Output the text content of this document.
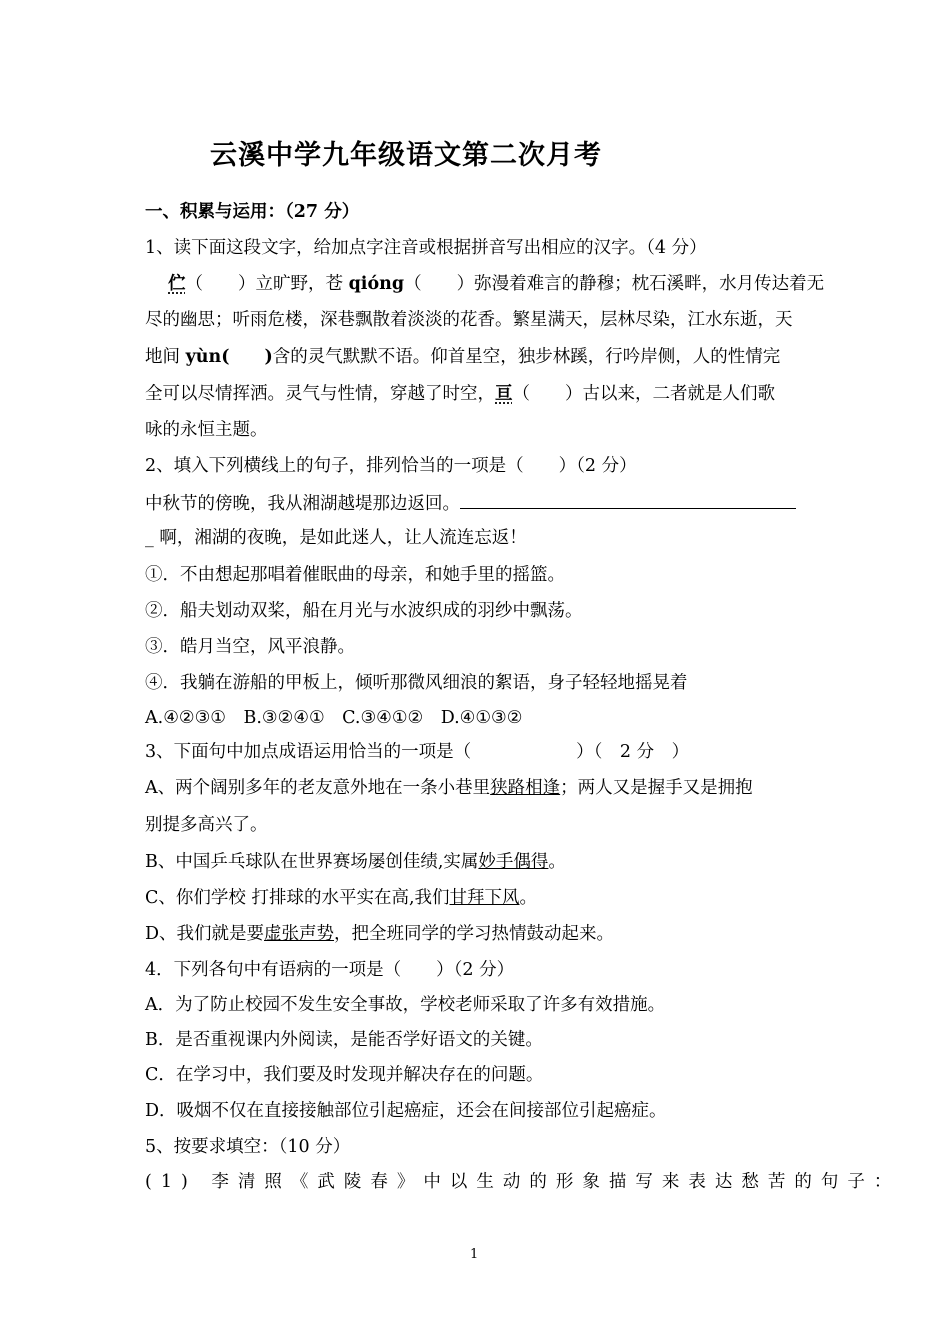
云溪中学九年级语文第二次月考
一、积累与运用：（27 分）
1、读下面这段文字，给加点字注音或根据拼音写出相应的汉字。（4 分）
伫（　　）立旷野，苍 qióng（　　）弥漫着难言的静穆；枕石溪畔，水月传达着无
尽的幽思；听雨危楼，深巷飘散着淡淡的花香。繁星满天，层林尽染，江水东逝，天
地间 yùn(　　)含的灵气默默不语。仰首星空，独步林蹊，行吟岸侧，人的性情完
全可以尽情挥洒。灵气与性情，穿越了时空，亘（　　）古以来，二者就是人们歌
咏的永恒主题。
2、填入下列横线上的句子，排列恰当的一项是（　　）（2 分）
中秋节的傍晚，我从湘湖越堤那边返回。
_ 啊，湘湖的夜晚，是如此迷人，让人流连忘返！
①．不由想起那唱着催眠曲的母亲，和她手里的摇篮。
②．船夫划动双桨，船在月光与水波织成的羽纱中飘荡。
③．皓月当空，风平浪静。
④．我躺在游船的甲板上，倾听那微风细浪的絮语，身子轻轻地摇晃着
A.④②③①　B.③②④①　C.③④①②　D.④①③②
3、下面句中加点成语运用恰当的一项是（　　　　　　）（　2 分　）
A、两个阔别多年的老友意外地在一条小巷里狭路相逢；两人又是握手又是拥抱
别提多高兴了。
B、中国乒乓球队在世界赛场屡创佳绩,实属妙手偶得。
C、你们学校 打排球的水平实在高,我们甘拜下风。
D、我们就是要虚张声势，把全班同学的学习热情鼓动起来。
4．下列各句中有语病的一项是（　　）（2 分）
A．为了防止校园不发生安全事故，学校老师采取了许多有效措施。
B．是否重视课内外阅读，是能否学好语文的关键。
C．在学习中，我们要及时发现并解决存在的问题。
D．吸烟不仅在直接接触部位引起癌症，还会在间接部位引起癌症。
5、按要求填空：（10 分）
(1) 李清照《武陵春》中以生动的形象描写来表达愁苦的句子：
1
